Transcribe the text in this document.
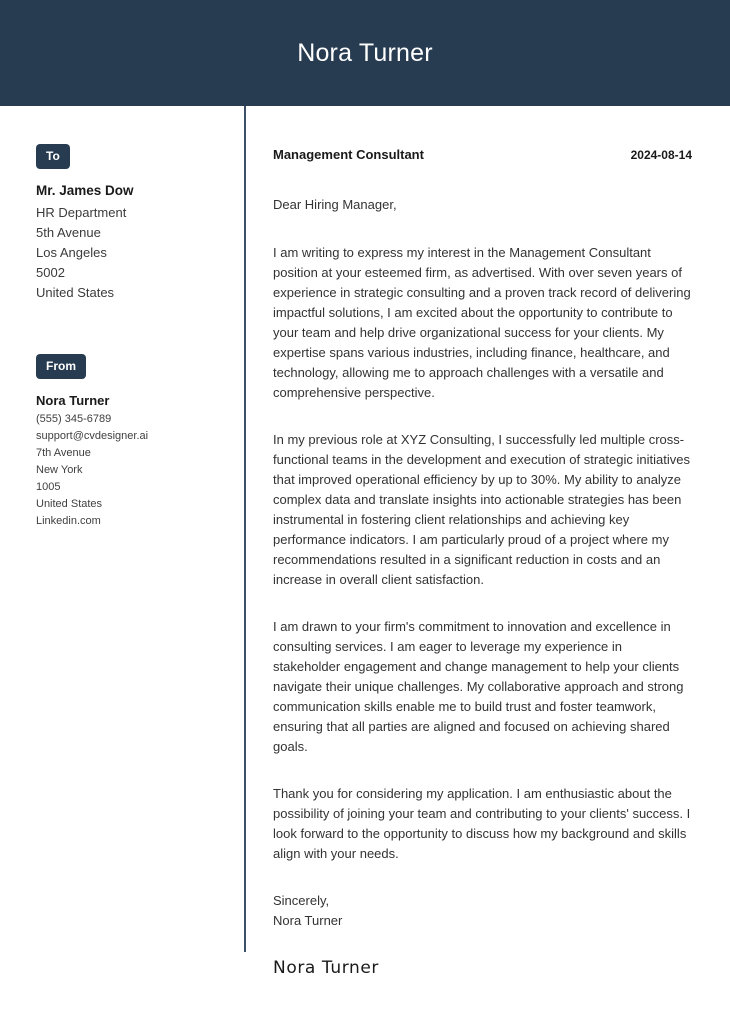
Nora Turner
To
Mr. James Dow
HR Department
5th Avenue
Los Angeles
5002
United States
From
Nora Turner
(555) 345-6789
support@cvdesigner.ai
7th Avenue
New York
1005
United States
Linkedin.com
Management Consultant	2024-08-14
Dear Hiring Manager,

I am writing to express my interest in the Management Consultant position at your esteemed firm, as advertised. With over seven years of experience in strategic consulting and a proven track record of delivering impactful solutions, I am excited about the opportunity to contribute to your team and help drive organizational success for your clients. My expertise spans various industries, including finance, healthcare, and technology, allowing me to approach challenges with a versatile and comprehensive perspective.

In my previous role at XYZ Consulting, I successfully led multiple cross-functional teams in the development and execution of strategic initiatives that improved operational efficiency by up to 30%. My ability to analyze complex data and translate insights into actionable strategies has been instrumental in fostering client relationships and achieving key performance indicators. I am particularly proud of a project where my recommendations resulted in a significant reduction in costs and an increase in overall client satisfaction.

I am drawn to your firm's commitment to innovation and excellence in consulting services. I am eager to leverage my experience in stakeholder engagement and change management to help your clients navigate their unique challenges. My collaborative approach and strong communication skills enable me to build trust and foster teamwork, ensuring that all parties are aligned and focused on achieving shared goals.

Thank you for considering my application. I am enthusiastic about the possibility of joining your team and contributing to your clients' success. I look forward to the opportunity to discuss how my background and skills align with your needs.

Sincerely,
Nora Turner
Nora Turner
